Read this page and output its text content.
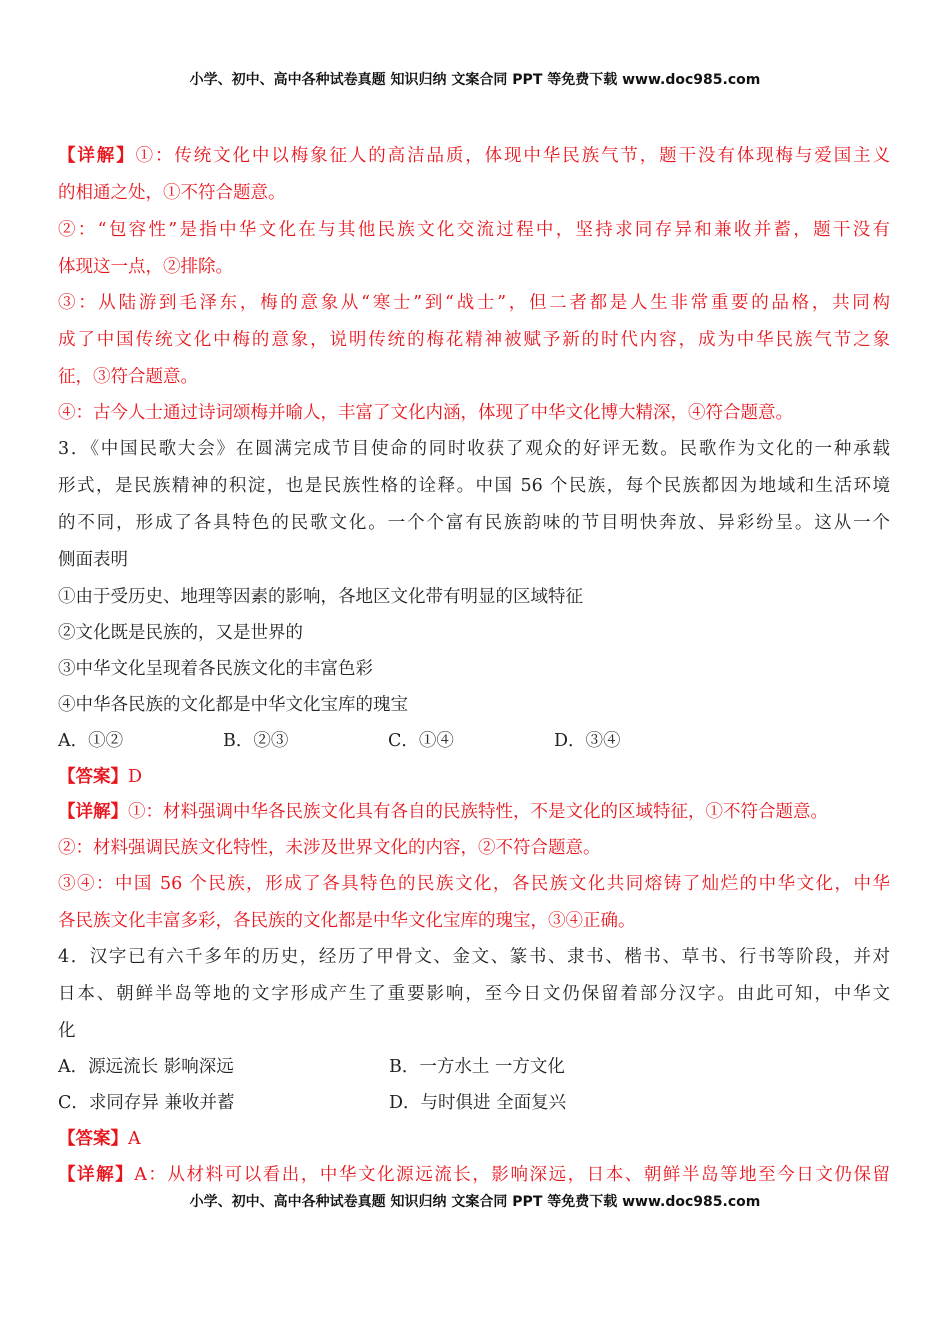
小学、初中、高中各种试卷真题 知识归纳 文案合同 PPT 等免费下载 www.doc985.com
【详解】①：传统文化中以梅象征人的高洁品质，体现中华民族气节，题干没有体现梅与爱国主义
的相通之处，①不符合题意。
②：“包容性”是指中华文化在与其他民族文化交流过程中，坚持求同存异和兼收并蓄，题干没有
体现这一点，②排除。
③：从陆游到毛泽东，梅的意象从“寒士”到“战士”，但二者都是人生非常重要的品格，共同构
成了中国传统文化中梅的意象，说明传统的梅花精神被赋予新的时代内容，成为中华民族气节之象
征，③符合题意。
④：古今人士通过诗词颂梅并喻人，丰富了文化内涵，体现了中华文化博大精深，④符合题意。
3．《中国民歌大会》在圆满完成节目使命的同时收获了观众的好评无数。民歌作为文化的一种承载
形式，是民族精神的积淀，也是民族性格的诠释。中国 56 个民族，每个民族都因为地域和生活环境
的不同，形成了各具特色的民歌文化。一个个富有民族韵味的节目明快奔放、异彩纷呈。这从一个
侧面表明
①由于受历史、地理等因素的影响，各地区文化带有明显的区域特征
②文化既是民族的，又是世界的
③中华文化呈现着各民族文化的丰富色彩
④中华各民族的文化都是中华文化宝库的瑰宝
A．①②	B．②③	C．①④	D．③④
【答案】D
【详解】①：材料强调中华各民族文化具有各自的民族特性，不是文化的区域特征，①不符合题意。
②：材料强调民族文化特性，未涉及世界文化的内容，②不符合题意。
③④：中国 56 个民族，形成了各具特色的民族文化，各民族文化共同熔铸了灿烂的中华文化，中华
各民族文化丰富多彩，各民族的文化都是中华文化宝库的瑰宝，③④正确。
4．汉字已有六千多年的历史，经历了甲骨文、金文、篆书、隶书、楷书、草书、行书等阶段，并对
日本、朝鲜半岛等地的文字形成产生了重要影响，至今日文仍保留着部分汉字。由此可知，中华文
化
A．源远流长 影响深远	B．一方水土 一方文化
C．求同存异 兼收并蓄	D．与时俱进 全面复兴
【答案】A
【详解】A：从材料可以看出，中华文化源远流长，影响深远，日本、朝鲜半岛等地至今日文仍保留
小学、初中、高中各种试卷真题 知识归纳 文案合同 PPT 等免费下载 www.doc985.com
